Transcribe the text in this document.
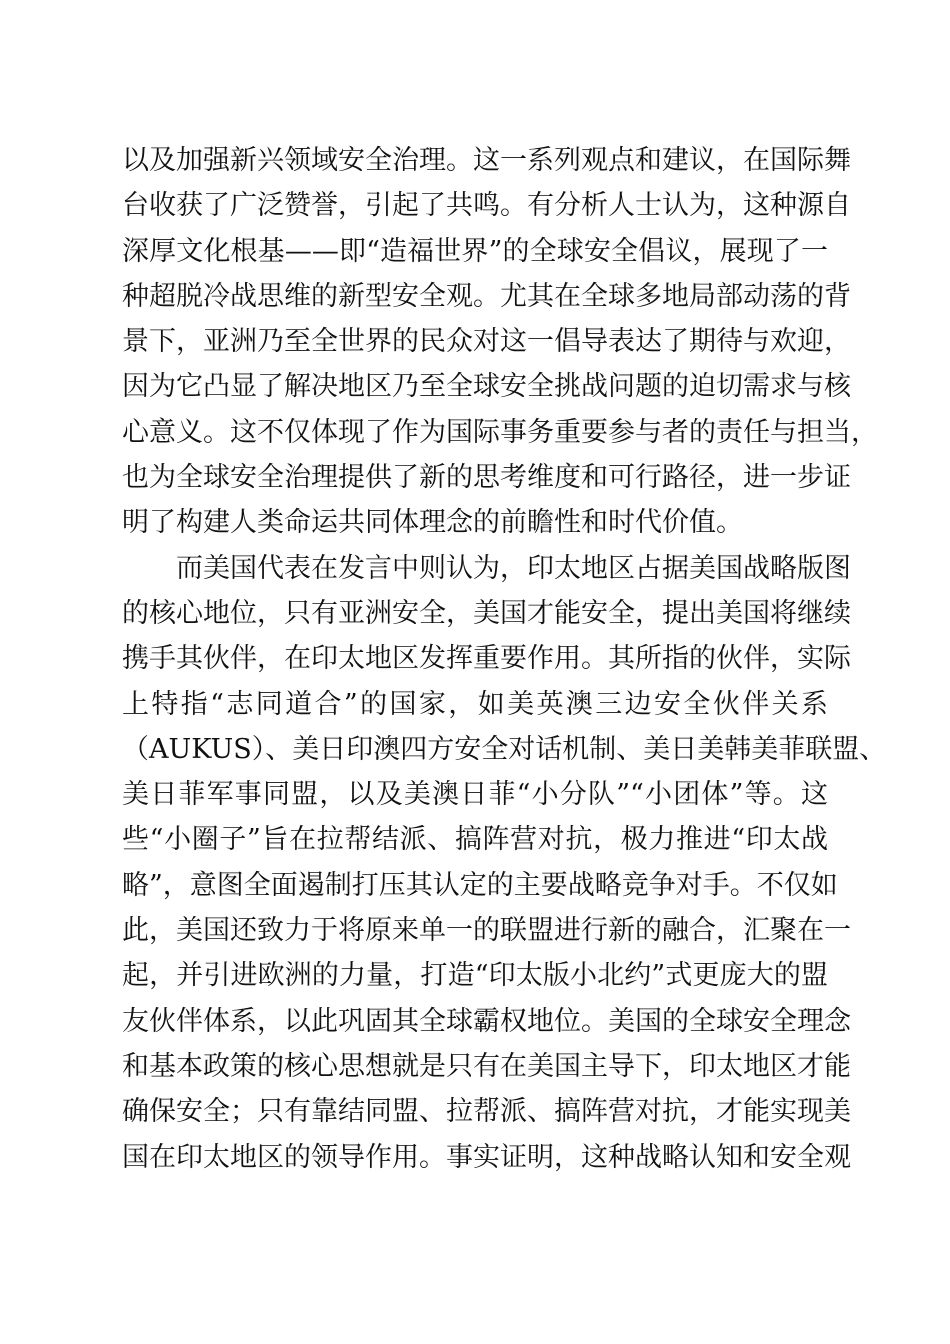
以及加强新兴领域安全治理。这一系列观点和建议，在国际舞
台收获了广泛赞誉，引起了共鸣。有分析人士认为，这种源自
深厚文化根基——即“造福世界”的全球安全倡议，展现了一
种超脱冷战思维的新型安全观。尤其在全球多地局部动荡的背
景下，亚洲乃至全世界的民众对这一倡导表达了期待与欢迎，
因为它凸显了解决地区乃至全球安全挑战问题的迫切需求与核
心意义。这不仅体现了作为国际事务重要参与者的责任与担当，
也为全球安全治理提供了新的思考维度和可行路径，进一步证
明了构建人类命运共同体理念的前瞻性和时代价值。
而美国代表在发言中则认为，印太地区占据美国战略版图
的核心地位，只有亚洲安全，美国才能安全，提出美国将继续
携手其伙伴，在印太地区发挥重要作用。其所指的伙伴，实际
上特指“志同道合”的国家，如美英澳三边安全伙伴关系
（AUKUS）、美日印澳四方安全对话机制、美日美韩美菲联盟、
美日菲军事同盟，以及美澳日菲“小分队”“小团体”等。这
些“小圈子”旨在拉帮结派、搞阵营对抗，极力推进“印太战
略”，意图全面遏制打压其认定的主要战略竞争对手。不仅如
此，美国还致力于将原来单一的联盟进行新的融合，汇聚在一
起，并引进欧洲的力量，打造“印太版小北约”式更庞大的盟
友伙伴体系，以此巩固其全球霸权地位。美国的全球安全理念
和基本政策的核心思想就是只有在美国主导下，印太地区才能
确保安全；只有靠结同盟、拉帮派、搞阵营对抗，才能实现美
国在印太地区的领导作用。事实证明，这种战略认知和安全观
